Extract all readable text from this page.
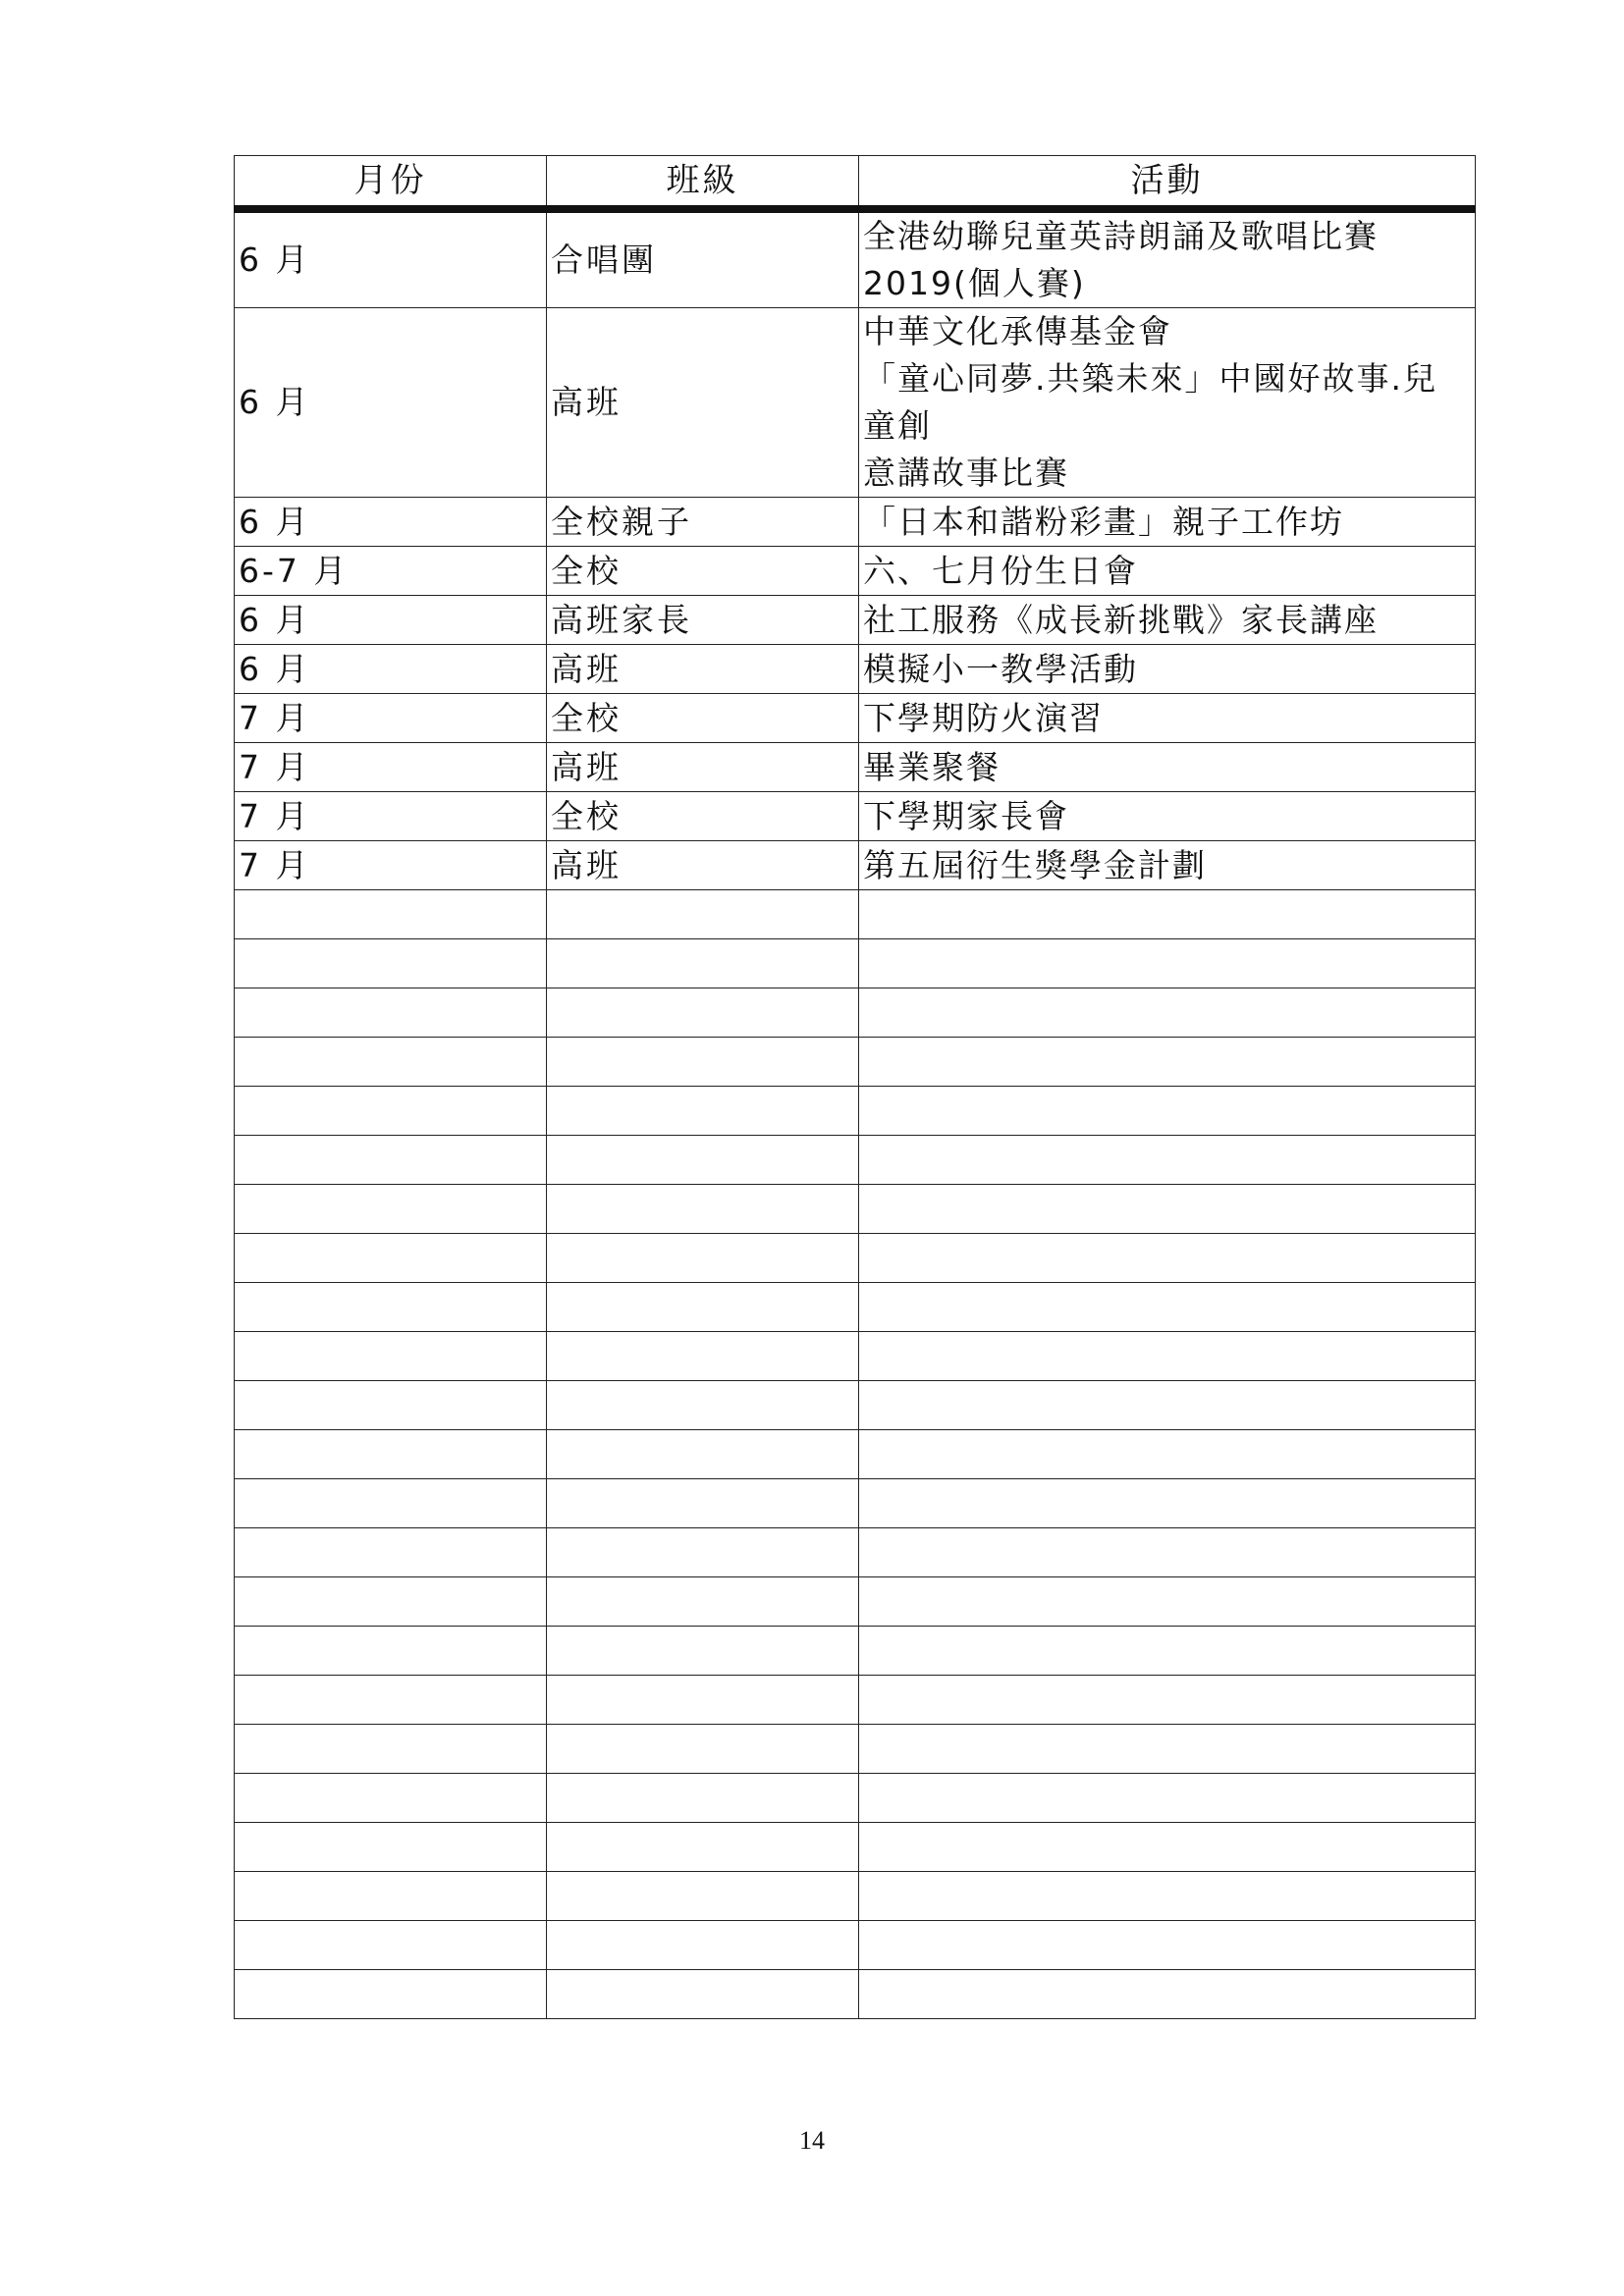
月份	班級	活動
6 月	合唱團	全港幼聯兒童英詩朗誦及歌唱比賽
2019(個人賽)

6 月	高班	中華文化承傳基金會
「童心同夢.共築未來」中國好故事.兒童創
意講故事比賽

6 月	全校親子	「日本和諧粉彩畫」親子工作坊

6-7 月	全校	六、七月份生日會

6 月	高班家長	社工服務《成長新挑戰》家長講座

6 月	高班	模擬小一教學活動

7 月	全校	下學期防火演習

7 月	高班	畢業聚餐

7 月	全校	下學期家長會

7 月	高班	第五屆衍生獎學金計劃

14
